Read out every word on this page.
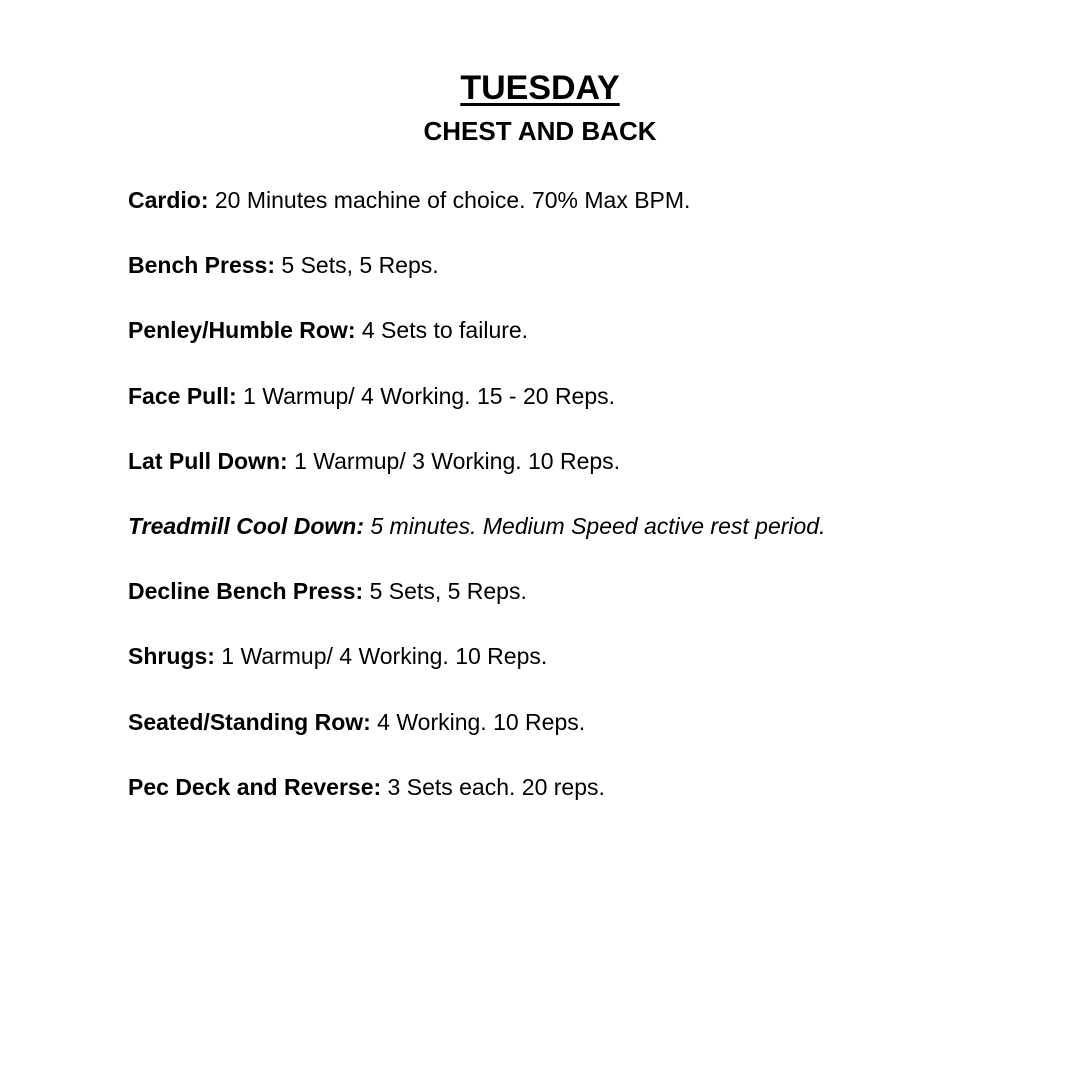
TUESDAY
CHEST AND BACK
Cardio: 20 Minutes machine of choice. 70% Max BPM.
Bench Press: 5 Sets, 5 Reps.
Penley/Humble Row: 4 Sets to failure.
Face Pull: 1 Warmup/ 4 Working. 15 - 20 Reps.
Lat Pull Down: 1 Warmup/ 3 Working. 10 Reps.
Treadmill Cool Down: 5 minutes. Medium Speed active rest period.
Decline Bench Press: 5 Sets, 5 Reps.
Shrugs: 1 Warmup/ 4 Working. 10 Reps.
Seated/Standing Row: 4 Working. 10 Reps.
Pec Deck and Reverse: 3 Sets each. 20 reps.
